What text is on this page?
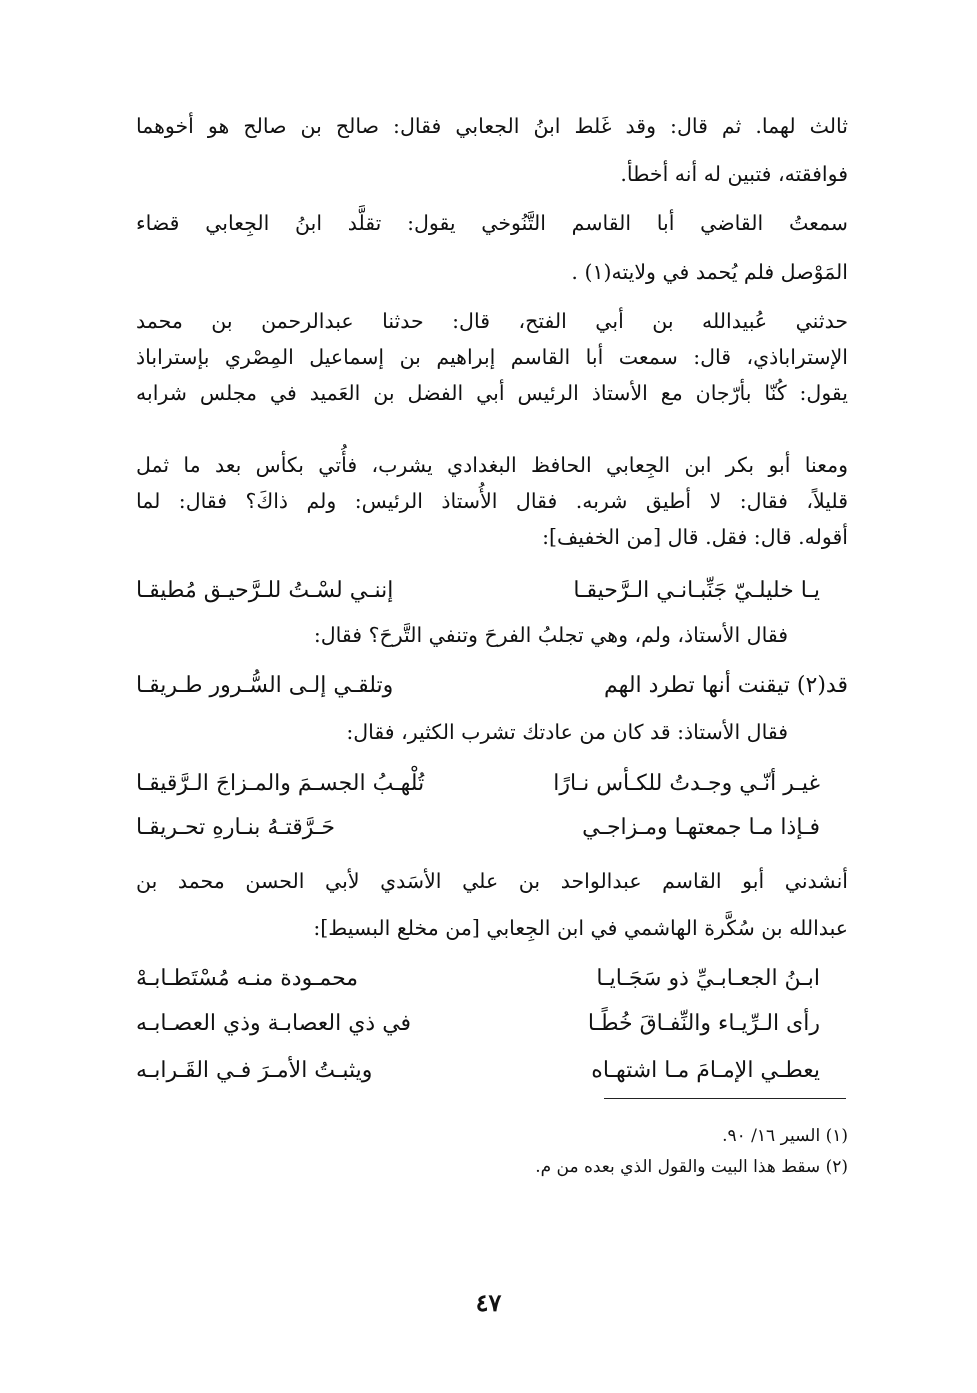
ثالث لهما. ثم قال: وقد غَلط ابنُ الجعابي فقال: صالح بن صالح هو أخوهما
فوافقته، فتبين له أنه أخطأ.
سمعتُ القاضي أبا القاسم التَّنُوخي يقول: تقلَّد ابنُ الجِعابي قضاء
المَوْصل فلم يُحمد في ولايته(١) .
حدثني عُبيدالله بن أبي الفتح، قال: حدثنا عبدالرحمن بن محمد
الإستراباذي، قال: سمعت أبا القاسم إبراهيم بن إسماعيل المِصْري بإستراباذ
يقول: كُنّا بأرّجان مع الأستاذ الرئيس أبي الفضل بن العَميد في مجلس شرابه
ومعنا أبو بكر ابن الجِعابي الحافظ البغدادي يشرب، فأُتي بكأس بعد ما ثمل
قليلاً، فقال: لا أطيق شربه. فقال الأُستاذ الرئيس: ولم ذاكَ؟ فقال: لما
أقوله. قال: فقل. قال [من الخفيف]:
يـا خليلـيّ جَنِّبـانـي الـرَّحيقـا
إننـي لسْـتُ للـرَّحيـق مُطيقـا
فقال الأستاذ، ولم، وهي تجلبُ الفرحَ وتنفي التَّرحَ؟ فقال:
قد(٢) تيقنت أنها تطرد الهم
وتلقـي إلـى السُّـرور طـريقـا
فقال الأستاذ: قد كان من عادتك تشرب الكثير، فقال:
غيـر أنّـي وجـدتُ للكـأس نـارًا
تُلْهـبُ الجسـمَ والمـزاجَ الـرَّقيقـا
فـإذا مـا جمعتهـا ومـزاجـي
حَـرَّقتـهُ بنـارهِ تحـريقـا
أنشدني أبو القاسم عبدالواحد بن علي الأسَدي لأبي الحسن محمد بن
عبدالله بن سُكَّرة الهاشمي في ابن الجِعابي [من مخلع البسيط]:
ابـنُ الجعـابـيِّ ذو سَجَـايـا
محمـودة منـه مُسْتَطـابـهْ
رأى الـرِّيـاء والنِّفـاقَ خُطًـا
في ذي العصابـة وذي العصـابـه
يعطـي الإمـامَ مـا اشتهـاه
ويثبـتُ الأمـرَ فـي القَـرابـه
(١) السير ١٦/ ٩٠.
(٢) سقط هذا البيت والقول الذي بعده من م.
٤٧
